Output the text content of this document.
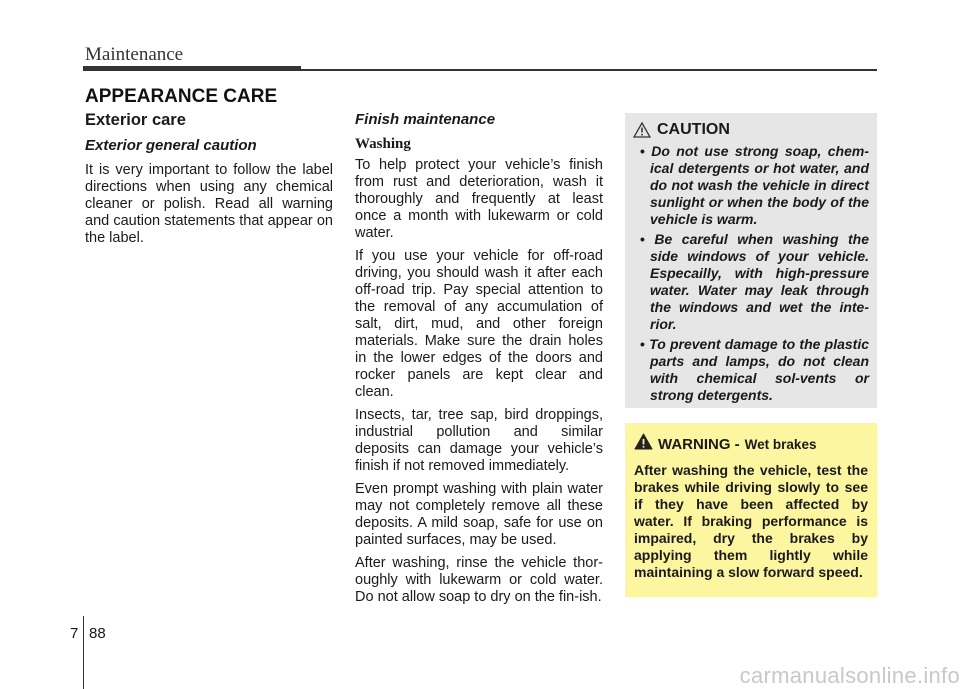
Maintenance
APPEARANCE CARE
Exterior care
Exterior general caution

It is very important to follow the label directions when using any chemical cleaner or polish. Read all warning and caution statements that appear on the label.

Finish maintenance

Washing

To help protect your vehicle’s finish from rust and deterioration, wash it thoroughly and frequently at least once a month with lukewarm or cold water.

If you use your vehicle for off-road driving, you should wash it after each off-road trip. Pay special attention to the removal of any accumulation of salt, dirt, mud, and other foreign materials. Make sure the drain holes in the lower edges of the doors and rocker panels are kept clear and clean.

Insects, tar, tree sap, bird droppings, industrial pollution and similar deposits can damage your vehicle’s finish if not removed immediately.

Even prompt washing with plain water may not completely remove all these deposits. A mild soap, safe for use on painted surfaces, may be used.

After washing, rinse the vehicle thor-oughly with lukewarm or cold water. Do not allow soap to dry on the fin-ish.

CAUTION
• Do not use strong soap, chem-ical detergents or hot water, and do not wash the vehicle in direct sunlight or when the body of the vehicle is warm.
• Be careful when washing the side windows of your vehicle. Especailly, with high-pressure water. Water may leak through the windows and wet the inte-rior.
• To prevent damage to the plastic parts and lamps, do not clean with chemical sol-vents or strong detergents.
WARNING - Wet brakes

After washing the vehicle, test the brakes while driving slowly to see if they have been affected by water. If braking performance is impaired, dry the brakes by applying them lightly while maintaining a slow forward speed.

7 88
carmanualsonline.info
